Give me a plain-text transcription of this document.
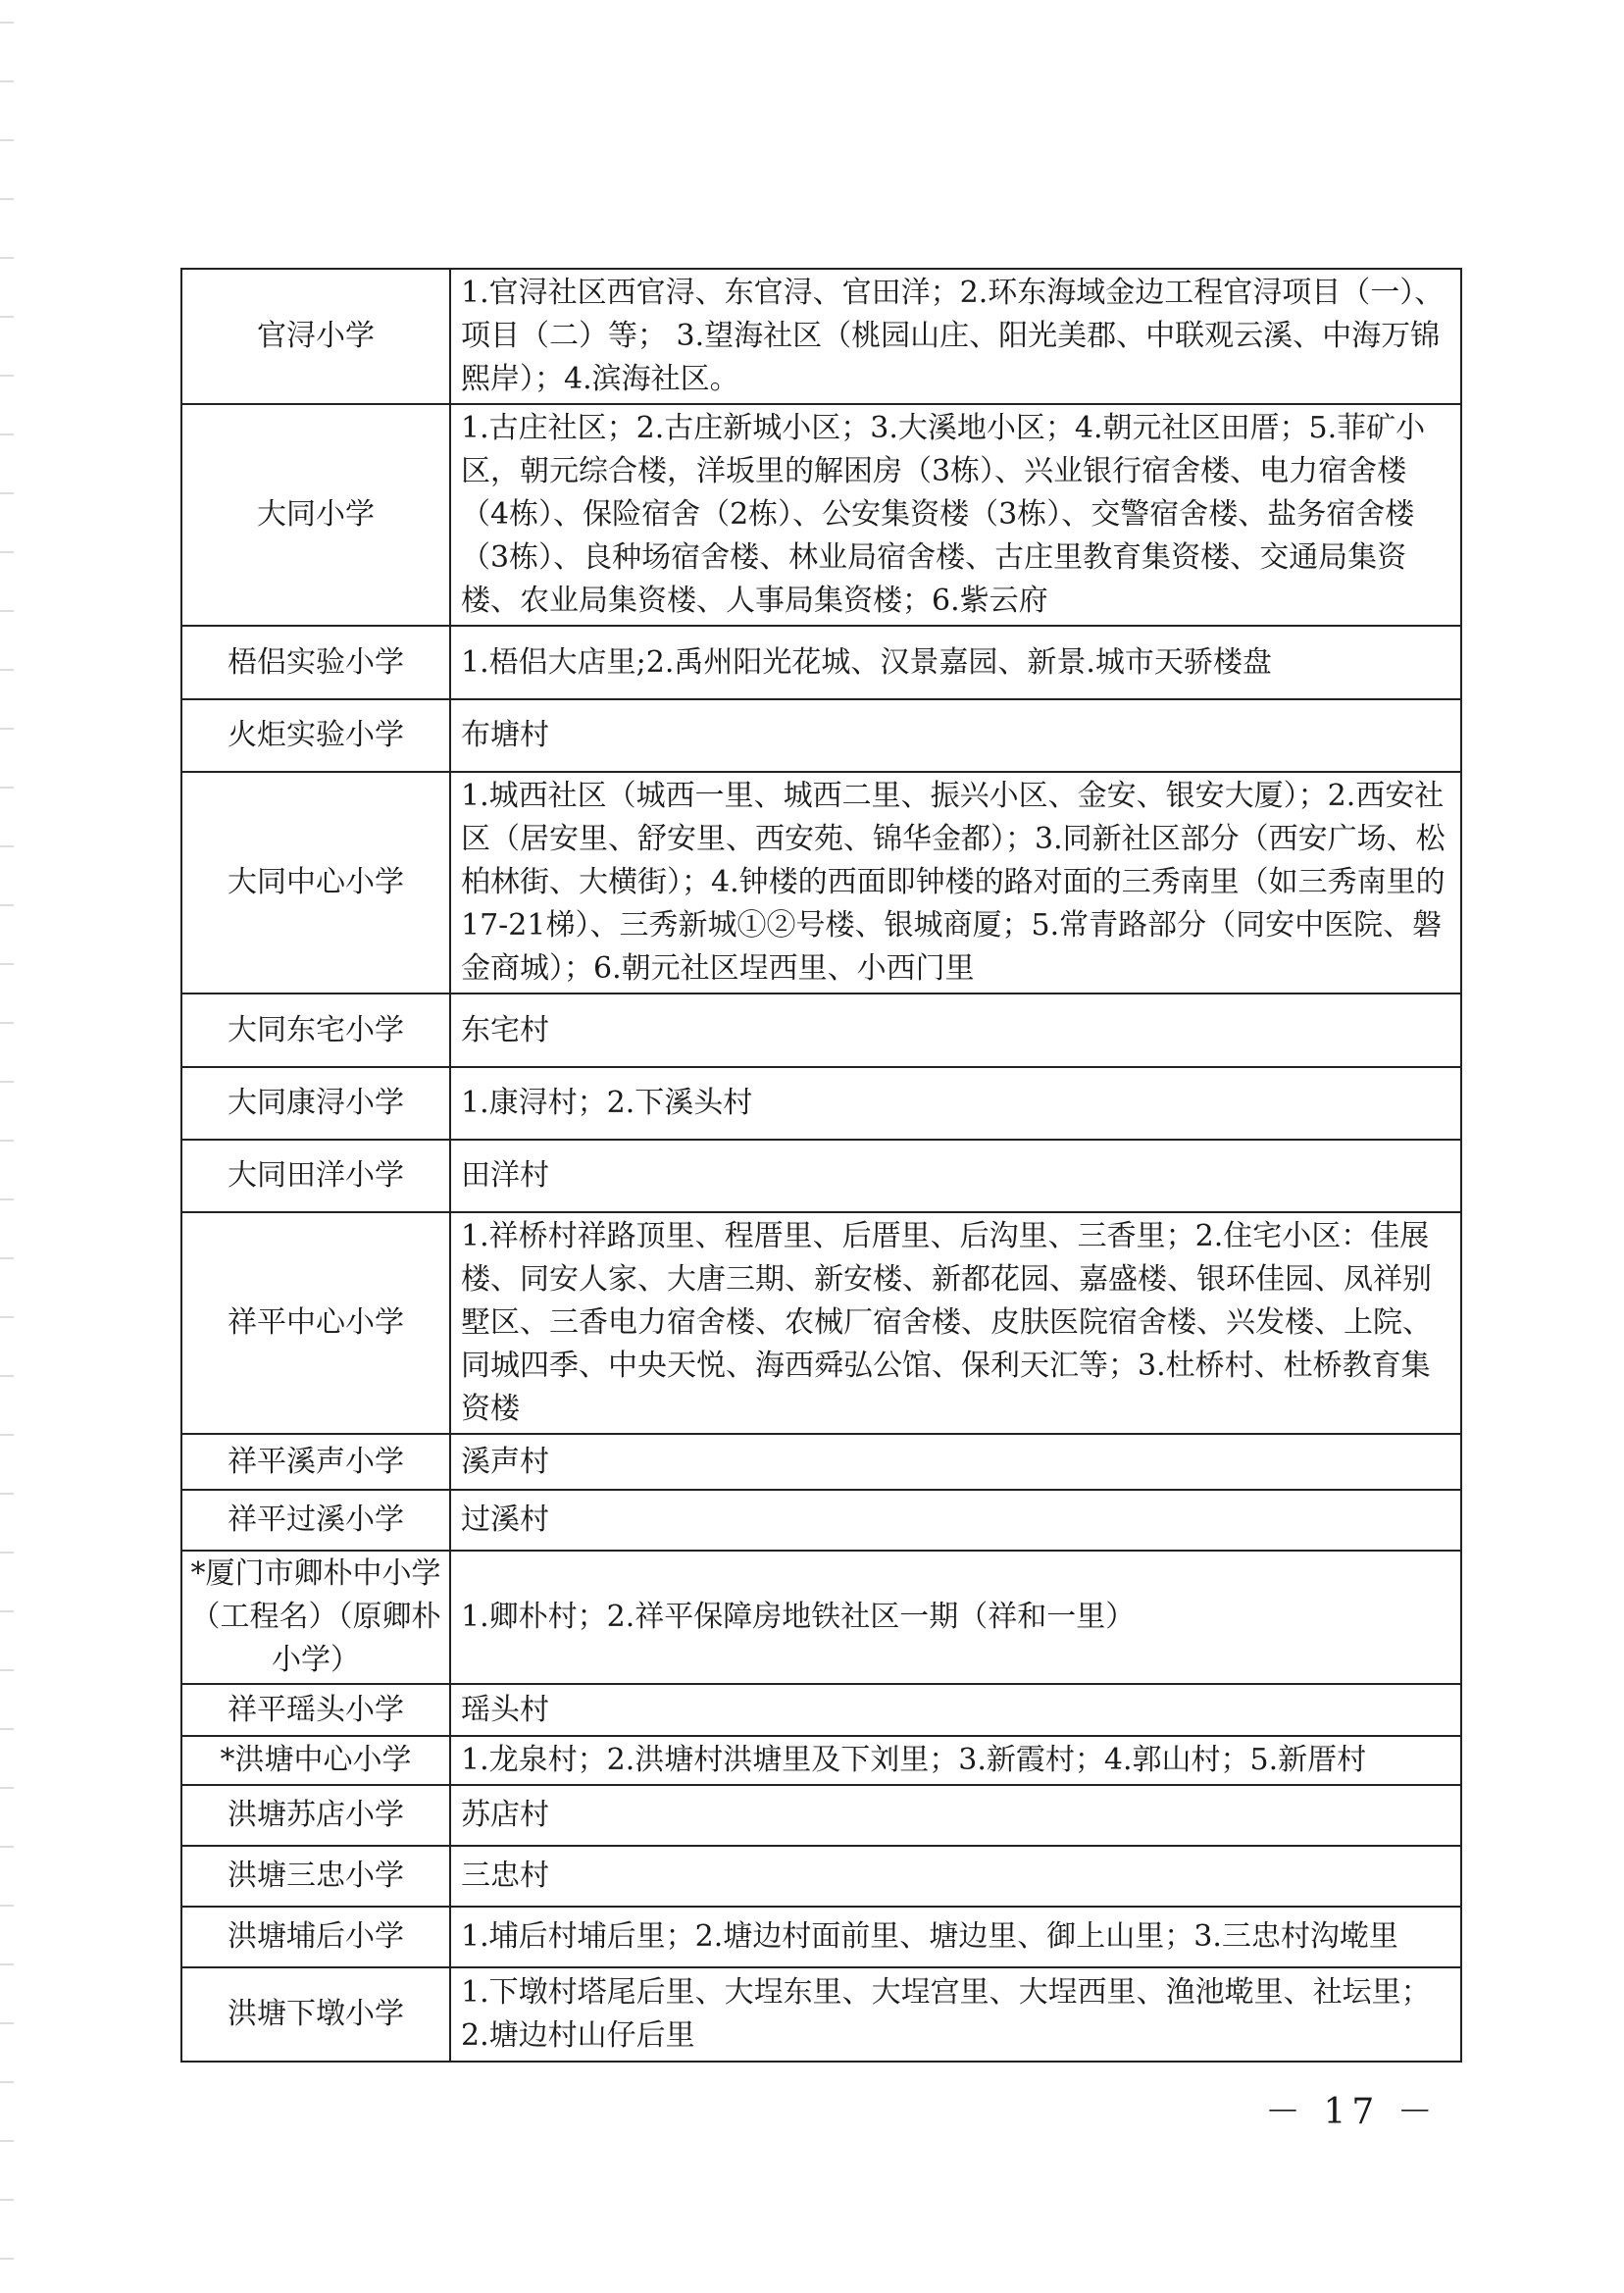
官浔小学	1.官浔社区西官浔、东官浔、官田洋；2.环东海域金边工程官浔项目（一）、项目（二）等； 3.望海社区（桃园山庄、阳光美郡、中联观云溪、中海万锦熙岸）；4.滨海社区。
大同小学	1.古庄社区；2.古庄新城小区；3.大溪地小区；4.朝元社区田厝；5.菲矿小区，朝元综合楼，洋坂里的解困房（3栋）、兴业银行宿舍楼、电力宿舍楼（4栋）、保险宿舍（2栋）、公安集资楼（3栋）、交警宿舍楼、盐务宿舍楼（3栋）、良种场宿舍楼、林业局宿舍楼、古庄里教育集资楼、交通局集资楼、农业局集资楼、人事局集资楼；6.紫云府
梧侣实验小学	1.梧侣大店里;2.禹州阳光花城、汉景嘉园、新景.城市天骄楼盘
火炬实验小学	布塘村
大同中心小学	1.城西社区（城西一里、城西二里、振兴小区、金安、银安大厦）；2.西安社区（居安里、舒安里、西安苑、锦华金都）；3.同新社区部分（西安广场、松柏林街、大横街）；4.钟楼的西面即钟楼的路对面的三秀南里（如三秀南里的17-21梯）、三秀新城①②号楼、银城商厦；5.常青路部分（同安中医院、磐金商城）；6.朝元社区埕西里、小西门里
大同东宅小学	东宅村
大同康浔小学	1.康浔村；2.下溪头村
大同田洋小学	田洋村
祥平中心小学	1.祥桥村祥路顶里、程厝里、后厝里、后沟里、三香里；2.住宅小区：佳展楼、同安人家、大唐三期、新安楼、新都花园、嘉盛楼、银环佳园、凤祥别墅区、三香电力宿舍楼、农械厂宿舍楼、皮肤医院宿舍楼、兴发楼、上院、同城四季、中央天悦、海西舜弘公馆、保利天汇等；3.杜桥村、杜桥教育集资楼
祥平溪声小学	溪声村
祥平过溪小学	过溪村
*厦门市卿朴中小学（工程名）（原卿朴小学）	1.卿朴村；2.祥平保障房地铁社区一期（祥和一里）
祥平瑶头小学	瑶头村
*洪塘中心小学	1.龙泉村；2.洪塘村洪塘里及下刘里；3.新霞村；4.郭山村；5.新厝村
洪塘苏店小学	苏店村
洪塘三忠小学	三忠村
洪塘埔后小学	1.埔后村埔后里；2.塘边村面前里、塘边里、御上山里；3.三忠村沟墘里
洪塘下墩小学	1.下墩村塔尾后里、大埕东里、大埕宫里、大埕西里、渔池墘里、社坛里；2.塘边村山仔后里
－ 17 －
